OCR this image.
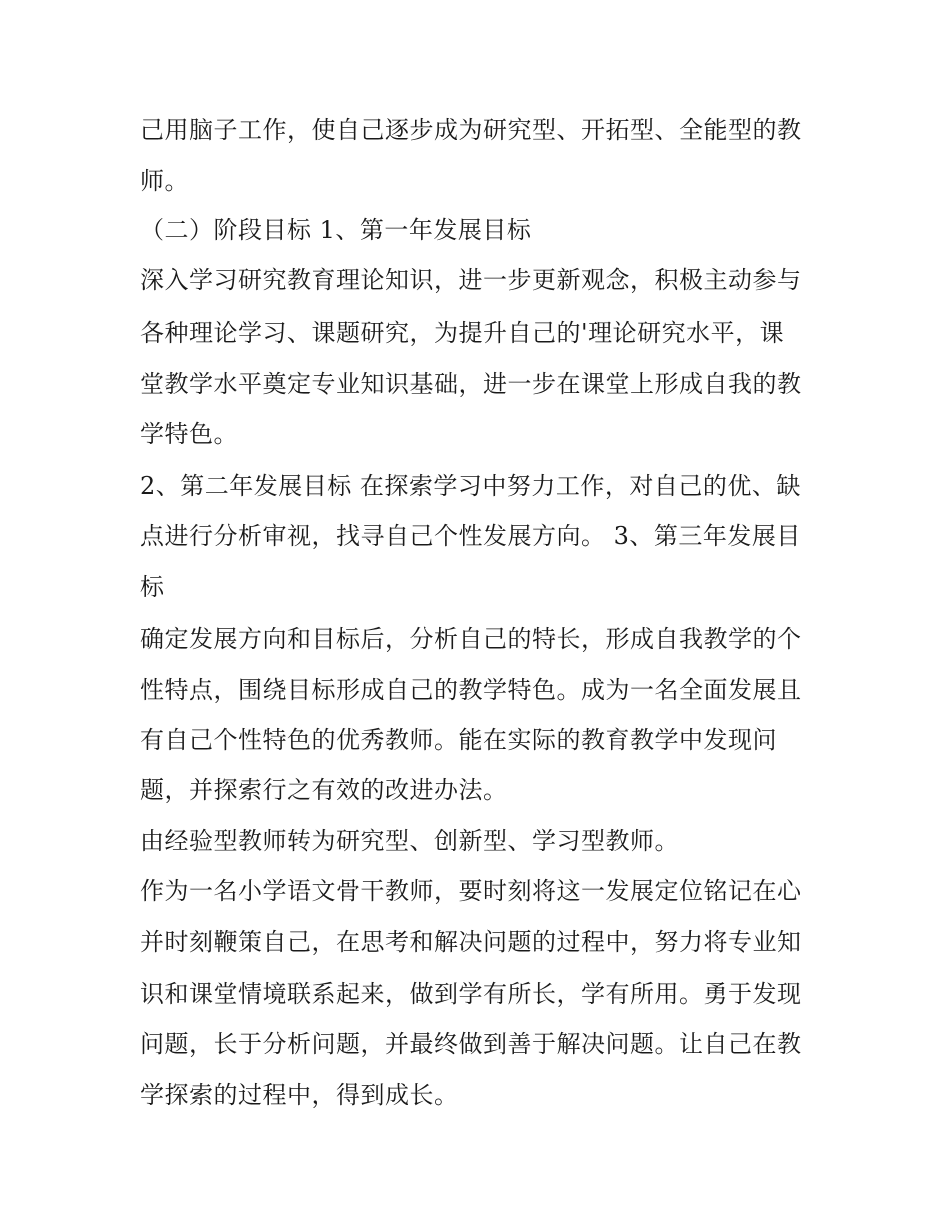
己用脑子工作，使自己逐步成为研究型、开拓型、全能型的教
师。
（二）阶段目标 1、第一年发展目标
深入学习研究教育理论知识，进一步更新观念，积极主动参与
各种理论学习、课题研究，为提升自己的'理论研究水平，课
堂教学水平奠定专业知识基础，进一步在课堂上形成自我的教
学特色。
2、第二年发展目标 在探索学习中努力工作，对自己的优、缺
点进行分析审视，找寻自己个性发展方向。 3、第三年发展目
标
确定发展方向和目标后，分析自己的特长，形成自我教学的个
性特点，围绕目标形成自己的教学特色。成为一名全面发展且
有自己个性特色的优秀教师。能在实际的教育教学中发现问
题，并探索行之有效的改进办法。
由经验型教师转为研究型、创新型、学习型教师。
作为一名小学语文骨干教师，要时刻将这一发展定位铭记在心
并时刻鞭策自己，在思考和解决问题的过程中，努力将专业知
识和课堂情境联系起来，做到学有所长，学有所用。勇于发现
问题，长于分析问题，并最终做到善于解决问题。让自己在教
学探索的过程中，得到成长。
